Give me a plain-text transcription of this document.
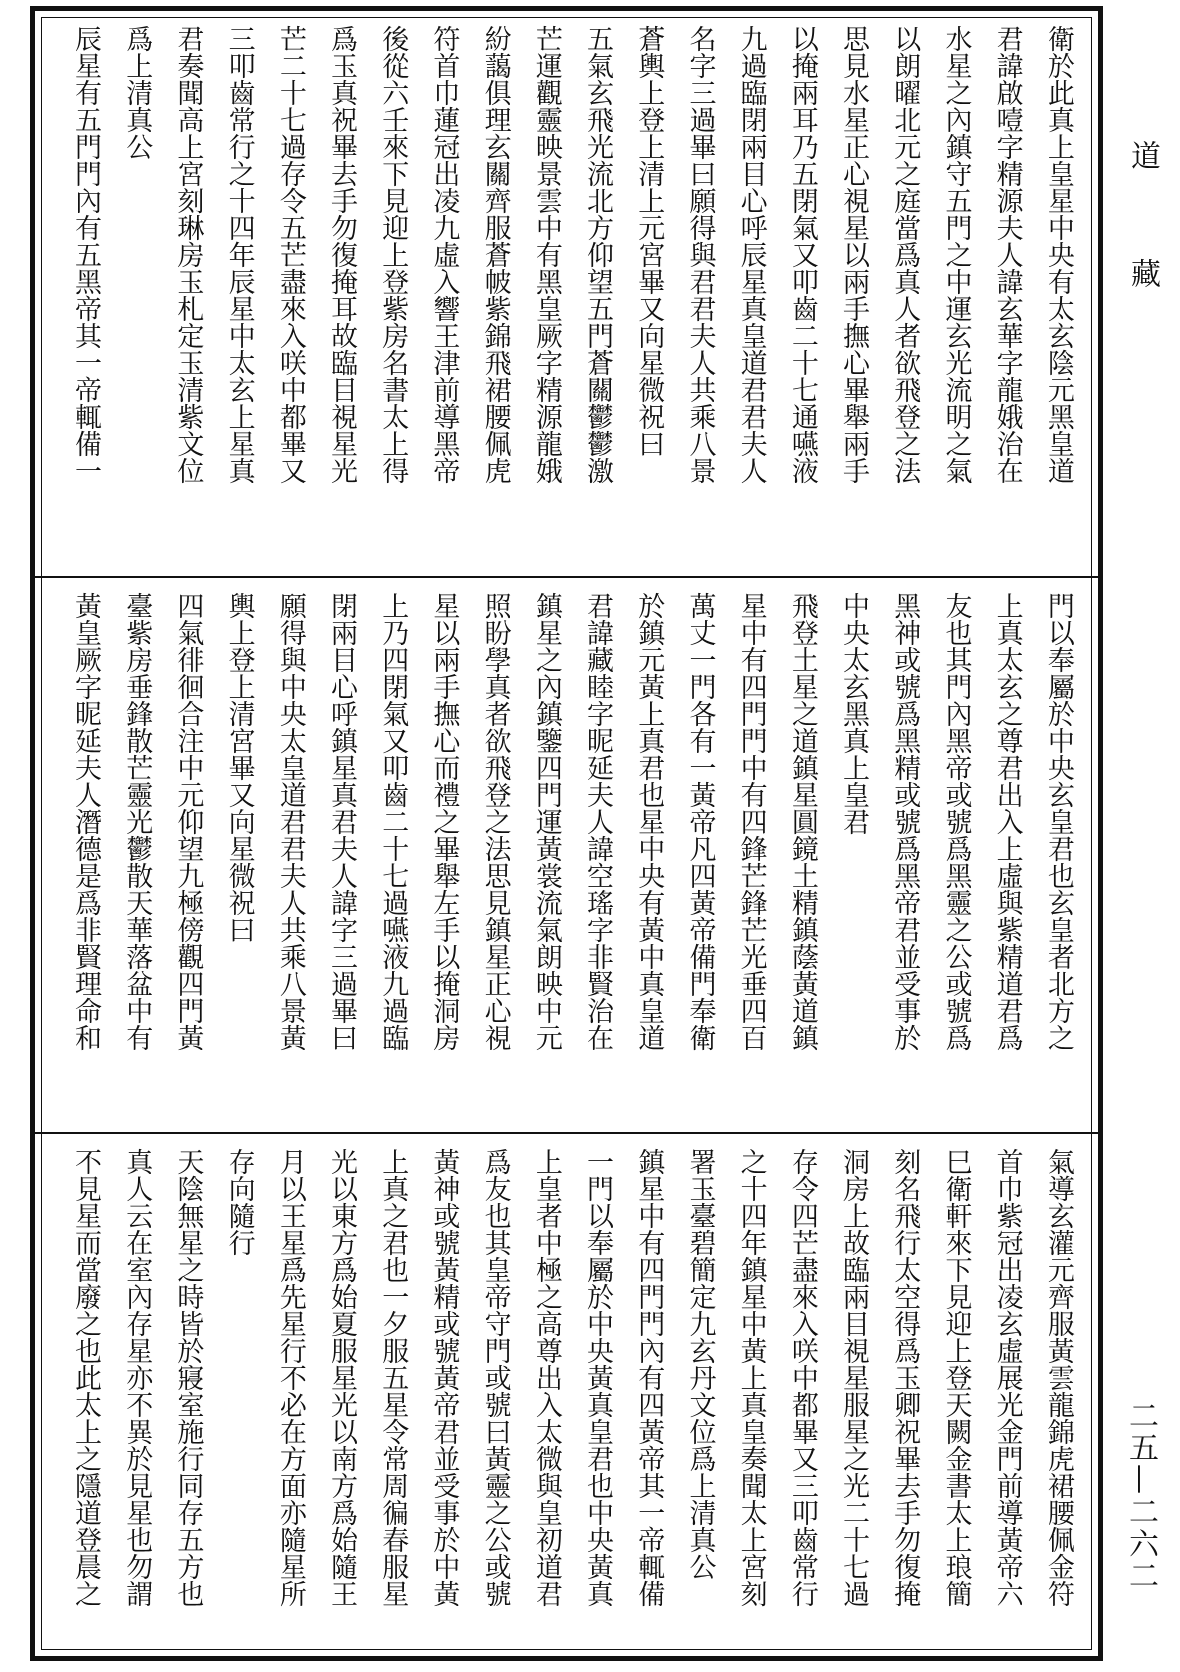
道
藏
二五—二六二
衛於此真上皇星中央有太玄陰元黑皇道
君諱啟噎字精源夫人諱玄華字龍娥治在
水星之內鎮守五門之中運玄光流明之氣
以朗曜北元之庭當爲真人者欲飛登之法
思見水星正心視星以兩手撫心畢舉兩手
以掩兩耳乃五閉氣又叩齒二十七通嚥液
九過臨閉兩目心呼辰星真皇道君君夫人
名字三過畢曰願得與君君夫人共乘八景
蒼輿上登上清上元宮畢又向星微祝曰
五氣玄飛光流北方仰望五門蒼關鬱鬱激
芒運觀靈映景雲中有黑皇厥字精源龍娥
紛藹俱理玄關齊服蒼帔紫錦飛裙腰佩虎
符首巾蓮冠出凌九虛入響王津前導黑帝
後從六壬來下見迎上登紫房名書太上得
爲玉真祝畢去手勿復掩耳故臨目視星光
芒二十七過存令五芒盡來入咲中都畢又
三叩齒常行之十四年辰星中太玄上星真
君奏聞高上宮刻琳房玉札定玉清紫文位
爲上清真公
辰星有五門門內有五黑帝其一帝輒備一
門以奉屬於中央玄皇君也玄皇者北方之
上真太玄之尊君出入上虛與紫精道君爲
友也其門內黑帝或號爲黑靈之公或號爲
黑神或號爲黑精或號爲黑帝君並受事於
中央太玄黑真上皇君
飛登土星之道鎮星圓鏡土精鎮蔭黃道鎮
星中有四門門中有四鋒芒鋒芒光垂四百
萬丈一門各有一黃帝凡四黃帝備門奉衛
於鎮元黃上真君也星中央有黃中真皇道
君諱藏睦字昵延夫人諱空瑤字非賢治在
鎮星之內鎮鑒四門運黃裳流氣朗映中元
照盼學真者欲飛登之法思見鎮星正心視
星以兩手撫心而禮之畢舉左手以掩洞房
上乃四閉氣又叩齒二十七過嚥液九過臨
閉兩目心呼鎮星真君夫人諱字三過畢曰
願得與中央太皇道君君夫人共乘八景黃
輿上登上清宮畢又向星微祝曰
四氣徘徊合注中元仰望九極傍觀四門黃
臺紫房垂鋒散芒靈光鬱散天華落盆中有
黃皇厥字昵延夫人潛德是爲非賢理命和
氣導玄灌元齊服黃雲龍錦虎裙腰佩金符
首巾紫冠出凌玄虛展光金門前導黃帝六
巳衛軒來下見迎上登天闕金書太上琅簡
刻名飛行太空得爲玉卿祝畢去手勿復掩
洞房上故臨兩目視星服星之光二十七過
存令四芒盡來入咲中都畢又三叩齒常行
之十四年鎮星中黃上真皇奏聞太上宮刻
署玉臺碧簡定九玄丹文位爲上清真公
鎮星中有四門門內有四黃帝其一帝輒備
一門以奉屬於中央黃真皇君也中央黃真
上皇者中極之高尊出入太微與皇初道君
爲友也其皇帝守門或號曰黃靈之公或號
黃神或號黃精或號黃帝君並受事於中黃
上真之君也一夕服五星令常周徧春服星
光以東方爲始夏服星光以南方爲始隨王
月以王星爲先星行不必在方面亦隨星所
存向隨行
天陰無星之時皆於寢室施行同存五方也
真人云在室內存星亦不異於見星也勿謂
不見星而當廢之也此太上之隱道登晨之
